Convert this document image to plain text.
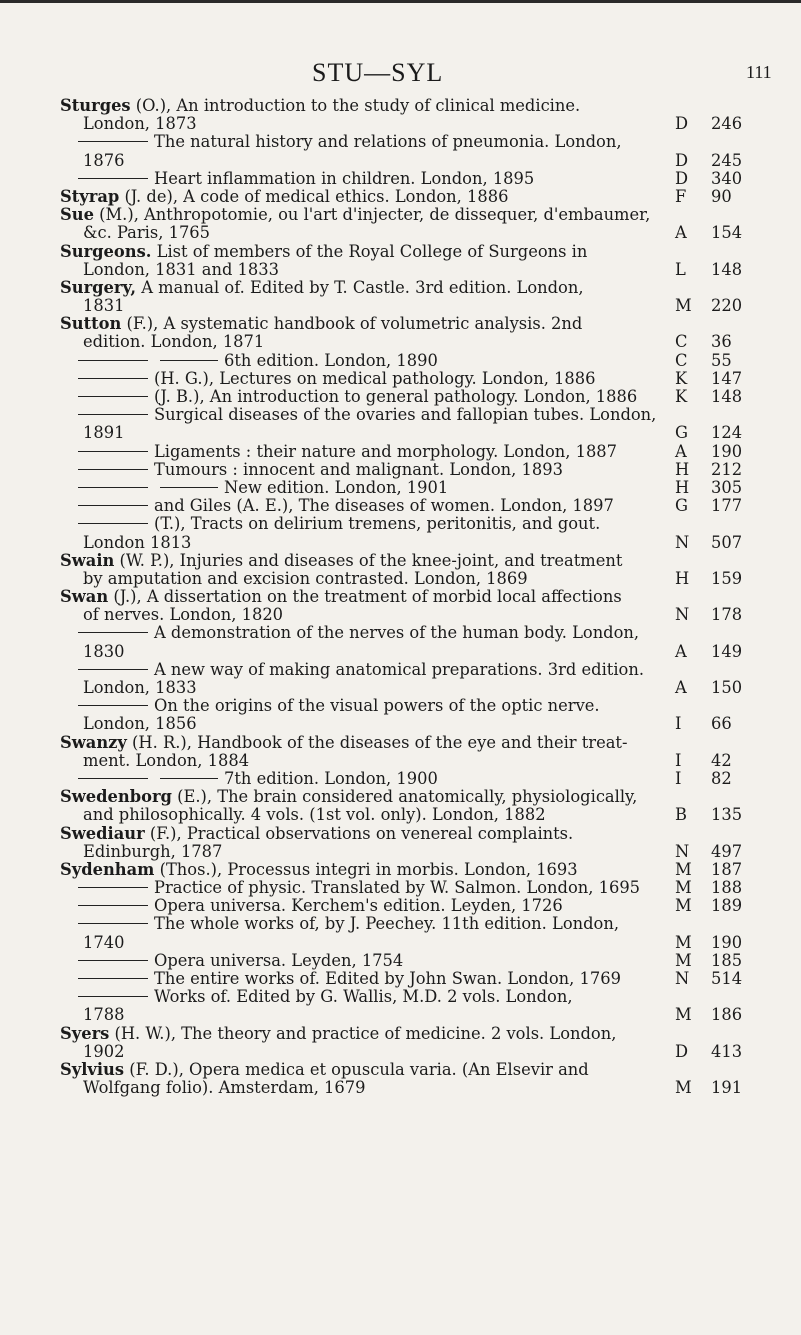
STU—SYL	111
Sturges (O.), An introduction to the study of clinical medicine.
London, 1873	D	246
The natural history and relations of pneumonia. London,
1876	D	245
Heart inflammation in children. London, 1895	D	340
Styrap (J. de), A code of medical ethics. London, 1886	F	90
Sue (M.), Anthropotomie, ou l'art d'injecter, de dissequer, d'embaumer,
&c. Paris, 1765	A	154
Surgeons. List of members of the Royal College of Surgeons in
London, 1831 and 1833	L	148
Surgery, A manual of. Edited by T. Castle. 3rd edition. London,
1831	M	220
Sutton (F.), A systematic handbook of volumetric analysis. 2nd
edition. London, 1871	C	36
6th edition. London, 1890	C	55
(H. G.), Lectures on medical pathology. London, 1886	K	147
(J. B.), An introduction to general pathology. London, 1886 K	148
Surgical diseases of the ovaries and fallopian tubes. London,
1891	G	124
Ligaments : their nature and morphology. London, 1887	A	190
Tumours : innocent and malignant. London, 1893	H	212
New edition. London, 1901	H	305
and Giles (A. E.), The diseases of women. London, 1897	G	177
(T.), Tracts on delirium tremens, peritonitis, and gout.
London 1813	N	507
Swain (W. P.), Injuries and diseases of the knee-joint, and treatment
by amputation and excision contrasted. London, 1869	H	159
Swan (J.), A dissertation on the treatment of morbid local affections
of nerves. London, 1820	N	178
A demonstration of the nerves of the human body. London,
1830	A	149
A new way of making anatomical preparations. 3rd edition.
London, 1833	A	150
On the origins of the visual powers of the optic nerve.
London, 1856	I	66
Swanzy (H. R.), Handbook of the diseases of the eye and their treat-
ment. London, 1884	I	42
7th edition. London, 1900	I	82
Swedenborg (E.), The brain considered anatomically, physiologically,
and philosophically. 4 vols. (1st vol. only). London, 1882	B	135
Swediaur (F.), Practical observations on venereal complaints.
Edinburgh, 1787	N	497
Sydenham (Thos.), Processus integri in morbis. London, 1693	M	187
Practice of physic. Translated by W. Salmon. London, 1695 M	188
Opera universa. Kerchem's edition. Leyden, 1726	M	189
The whole works of, by J. Peechey. 11th edition. London,
1740	M	190
Opera universa. Leyden, 1754	M	185
The entire works of. Edited by John Swan. London, 1769	N	514
Works of. Edited by G. Wallis, M.D. 2 vols. London,
1788	M	186
Syers (H. W.), The theory and practice of medicine. 2 vols. London,
1902	D	413
Sylvius (F. D.), Opera medica et opuscula varia. (An Elsevir and
Wolfgang folio). Amsterdam, 1679	M	191
